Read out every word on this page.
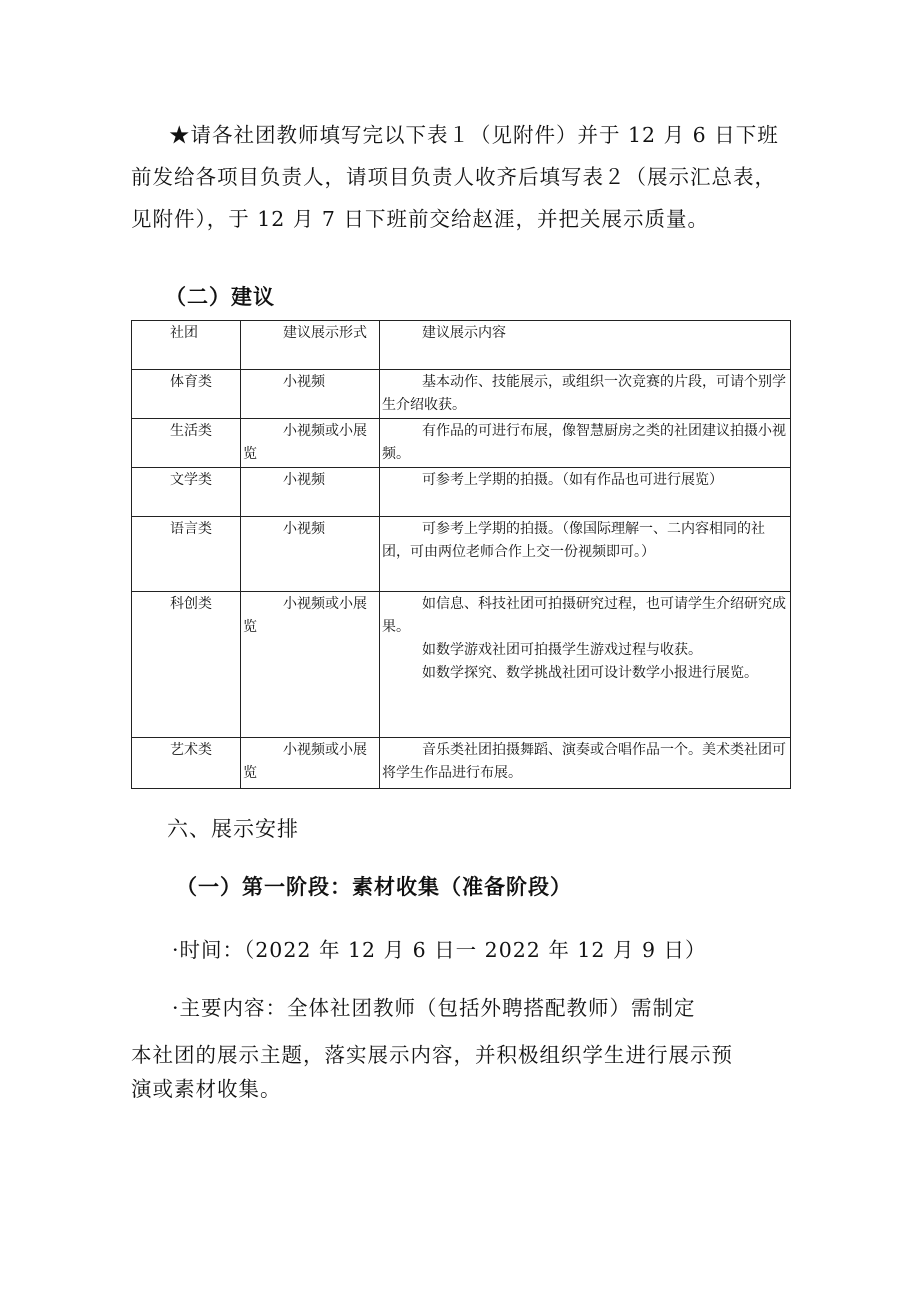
★请各社团教师填写完以下表１（见附件）并于 12 月 6 日下班
前发给各项目负责人，请项目负责人收齐后填写表２（展示汇总表，
见附件），于 12 月 7 日下班前交给赵涯，并把关展示质量。
（二）建议
社团	建议展示形式	建议展示内容

体育类	小视频	基本动作、技能展示，或组织一次竞赛的片段，可请个别学生介绍收获。

生活类	小视频或小展览	有作品的可进行布展，像智慧厨房之类的社团建议拍摄小视频。

文学类	小视频	可参考上学期的拍摄。（如有作品也可进行展览）

语言类	小视频	可参考上学期的拍摄。（像国际理解一、二内容相同的社团，可由两位老师合作上交一份视频即可。）

科创类	小视频或小展览	如信息、科技社团可拍摄研究过程，也可请学生介绍研究成果。

如数学游戏社团可拍摄学生游戏过程与收获。

如数学探究、数学挑战社团可设计数学小报进行展览。

艺术类	小视频或小展览	音乐类社团拍摄舞蹈、演奏或合唱作品一个。美术类社团可将学生作品进行布展。

六、展示安排
（一）第一阶段：素材收集（准备阶段）
·时间：（2022 年 12 月 6 日一 2022 年 12 月 9 日）
·主要内容：全体社团教师（包括外聘搭配教师）需制定
本社团的展示主题，落实展示内容，并积极组织学生进行展示预
演或素材收集。
